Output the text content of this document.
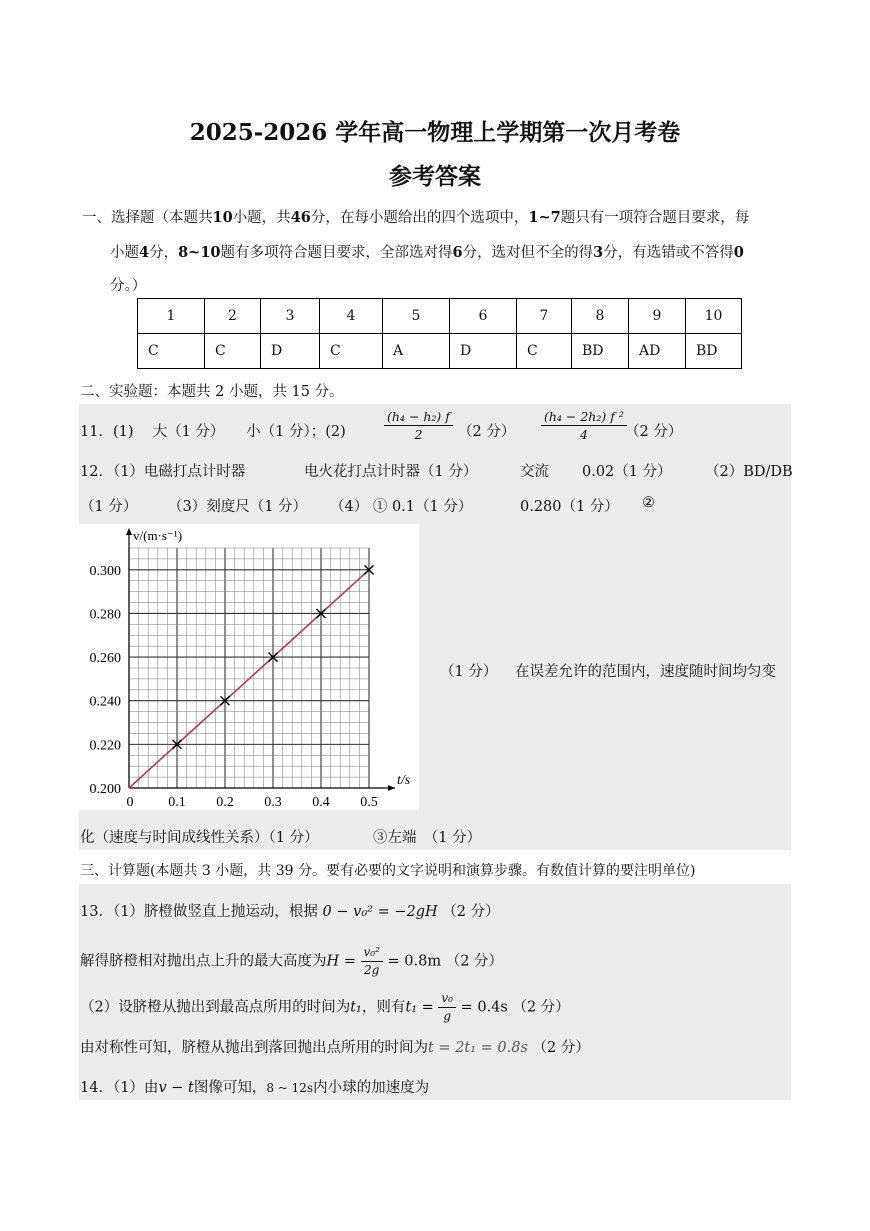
2025-2026 学年高一物理上学期第一次月考卷
参考答案
一、选择题（本题共10小题，共46分，在每小题给出的四个选项中，1~7题只有一项符合题目要求，每
小题4分，8~10题有多项符合题目要求，全部选对得6分，选对但不全的得3分，有选错或不答得0
分。）
1	2	3	4	5	6	7	8	9	10
C	C	D	C	A	D	C	BD	AD	BD
二、实验题：本题共 2 小题，共 15 分。
11．(1)　 大（1 分）　　小（1 分）；(2)	$\frac{\text{(h₄ − h₂) f}}{2} (2$ 分） $\frac{\text{(h₄ − 2h₂) f ²}}{4}$
（2 分）
12．（1）电磁打点计时器	电火花打点计时器（1 分）	交流 0.02（1 分） （2）BD/DB
（1 分） （3）刻度尺（1 分） （4） ① 0.1（1 分）	0.280（1 分） ②
0 0.1 0.2 0.3 0.4 0.5
0.200
0.220
0.240
0.260
0.280
0.300
t/s
v/(m·s⁻¹)
（1 分） 在误差允许的范围内，速度随时间均匀变
化（速度与时间成线性关系）（1 分）	③左端　（1 分）
三、计算题(本题共 3 小题，共 39 分。要有必要的文字说明和演算步骤。有数值计算的要注明单位)
13．（1）脐橙做竖直上抛运动，根据 0 − v₀² = −2gH （2 分）
解得脐橙相对抛出点上升的最大高度为$H = \frac{\text{v₀²}}{2g} = 0.8m$ （2 分）
（2）设脐橙从抛出到最高点所用的时间为t₁，则有$t_1 = \frac{\text{v₀}}{g} = 0.4s$ （2 分）
由对称性可知，脐橙从抛出到落回抛出点所用的时间为t = 2t₁ = 0.8s （2 分）
14．（1）由v − t图像可知，8 ~ 12s内小球的加速度为
